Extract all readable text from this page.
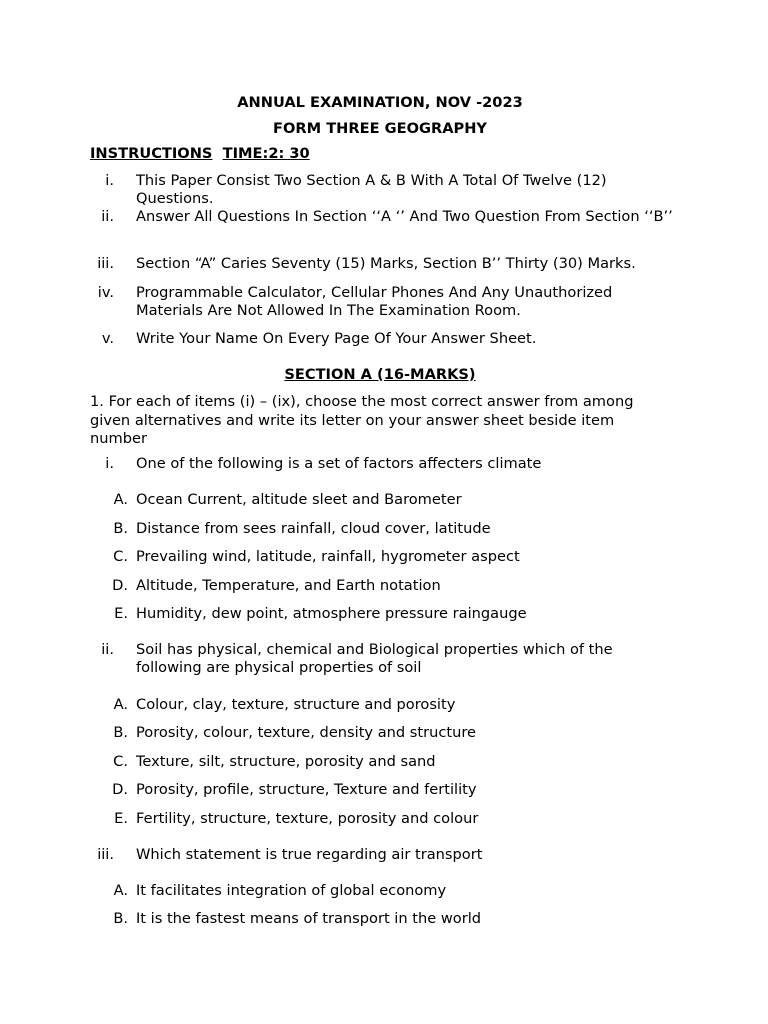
ANNUAL EXAMINATION, NOV -2023
FORM THREE GEOGRAPHY
INSTRUCTIONS TIME:2: 30
i. This Paper Consist Two Section A & B With A Total Of Twelve (12) Questions.
ii. Answer All Questions In Section ‘‘A ‘’ And Two Question From Section ‘‘B’’
iii. Section “A” Caries Seventy (15) Marks, Section B’’ Thirty (30) Marks.
iv. Programmable Calculator, Cellular Phones And Any Unauthorized Materials Are Not Allowed In The Examination Room.
v. Write Your Name On Every Page Of Your Answer Sheet.
SECTION A (16-MARKS)
1. For each of items (i) – (ix), choose the most correct answer from among given alternatives and write its letter on your answer sheet beside item number
i. One of the following is a set of factors affecters climate
A. Ocean Current, altitude sleet and Barometer
B. Distance from sees rainfall, cloud cover, latitude
C. Prevailing wind, latitude, rainfall, hygrometer aspect
D. Altitude, Temperature, and Earth notation
E. Humidity, dew point, atmosphere pressure raingauge
ii. Soil has physical, chemical and Biological properties which of the following are physical properties of soil
A. Colour, clay, texture, structure and porosity
B. Porosity, colour, texture, density and structure
C. Texture, silt, structure, porosity and sand
D. Porosity, profile, structure, Texture and fertility
E. Fertility, structure, texture, porosity and colour
iii. Which statement is true regarding air transport
A. It facilitates integration of global economy
B. It is the fastest means of transport in the world
